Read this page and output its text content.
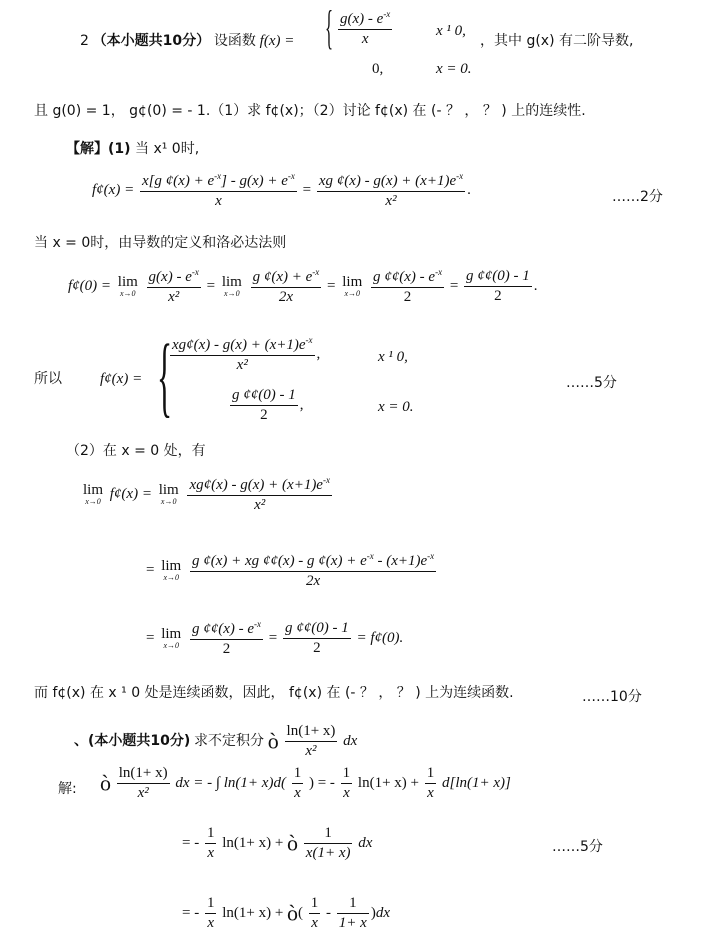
2 （本小题共10分） 设函数 f(x) = { $\frac{g(x) - e^{-x}}{x}$	x ¹ 0,
0,	x = 0.
，其中 g(x) 有二阶导数,
且 g(0) = 1， g¢(0) = - 1.（1）求 f¢(x)；（2）讨论 f¢(x) 在 (- ？ ， ？ ) 上的连续性.
【解】(1) 当 x¹ 0时,
f¢(x) = $\frac{x[g ¢(x) + e^{-x}] - g(x) + e^{-x}}{x} = \frac{xg ¢(x) - g(x) + (x+1)e^{-x}}{\text{x²}}$ .	……2分
当 x = 0时，由导数的定义和洛必达法则
f¢(0) = lim
x→0
$\frac{g(x) - e^{-x}}{\text{x²}} = \lim$
x→0
$\frac{g ¢(x) + e^{-x}}{2x} = \lim$
x→0
$\frac{g ¢¢(x) - e^{-x}}{2} = \frac{g ¢¢(0) - 1}{2}$ .
所以	f¢(x) = {
$\frac{xg¢(x) - g(x) + (x+1)e^{-x}}{\text{x²}}$ ,	x ¹ 0,
$\frac{g ¢¢(0) - 1}{2}$ ,	x = 0.
……5分
（2）在 x = 0 处，有
lim
x→0 f¢(x) = lim
x→0
$\frac{xg¢(x) - g(x) + (x+1)e^{-x}}{\text{x²}}$
= lim
x→0
$\frac{g ¢(x) + xg ¢¢(x) - g ¢(x) + e^{-x} - (x+1)e^{-x}}{2x}$
= lim
x→0
$\frac{g ¢¢(x) - e^{-x}}{2} = \frac{g ¢¢(0) - 1}{2}$ = f¢(0).
而 f¢(x) 在 x ¹ 0 处是连续函数，因此， f¢(x) 在 (- ？ ， ？ ) 上为连续函数.	……10分
、(本小题共10分) 求不定积分 ò $\frac{\ln(1+ x)}{\text{x²}}$ dx
解: ò $\frac{\ln(1+ x)}{\text{x²}}$ dx = - ∫ $\ln(1+ x)d( \frac{1}{x}$ ) = - $\frac{1}{x} \ln(1+ x) + \frac{1}{x} d[\ln(1+ x)]$
= - $\frac{1}{x} \ln(1+ x)$ + ò $\frac{1}{x(1+ x)}$ dx	……5分
= - $\frac{1}{x} \ln(1+ x)$ + ò( $\frac{1}{x} - \frac{1}{1+ x} )dx$
